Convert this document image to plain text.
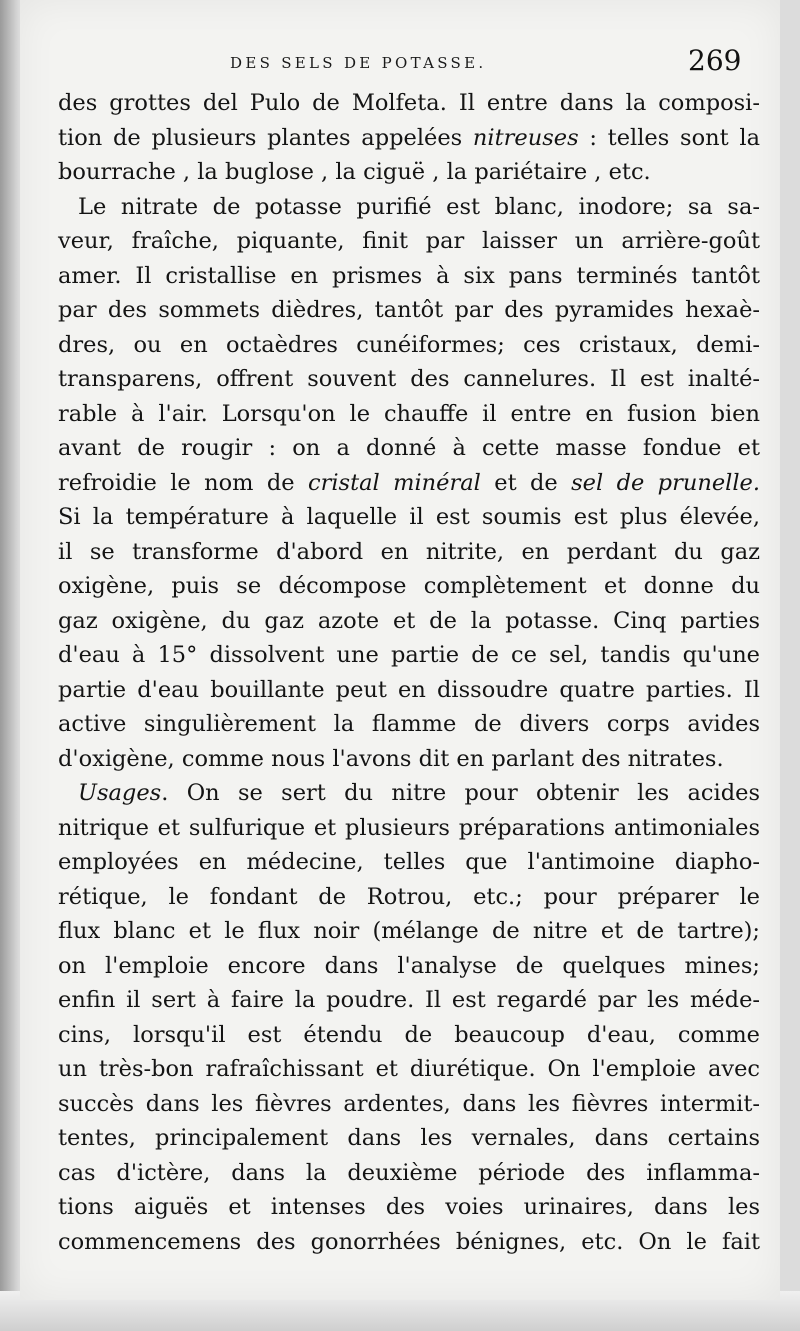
DES SELS DE POTASSE.	269
des grottes del Pulo de Molfeta. Il entre dans la composi-
tion de plusieurs plantes appelées nitreuses : telles sont la
bourrache , la buglose , la ciguë , la pariétaire , etc.
Le nitrate de potasse purifié est blanc, inodore; sa sa-
veur, fraîche, piquante, finit par laisser un arrière-goût
amer. Il cristallise en prismes à six pans terminés tantôt
par des sommets dièdres, tantôt par des pyramides hexaè-
dres, ou en octaèdres cunéiformes; ces cristaux, demi-
transparens, offrent souvent des cannelures. Il est inalté-
rable à l'air. Lorsqu'on le chauffe il entre en fusion bien
avant de rougir : on a donné à cette masse fondue et
refroidie le nom de cristal minéral et de sel de prunelle.
Si la température à laquelle il est soumis est plus élevée,
il se transforme d'abord en nitrite, en perdant du gaz
oxigène, puis se décompose complètement et donne du
gaz oxigène, du gaz azote et de la potasse. Cinq parties
d'eau à 15° dissolvent une partie de ce sel, tandis qu'une
partie d'eau bouillante peut en dissoudre quatre parties. Il
active singulièrement la flamme de divers corps avides
d'oxigène, comme nous l'avons dit en parlant des nitrates.
Usages. On se sert du nitre pour obtenir les acides
nitrique et sulfurique et plusieurs préparations antimoniales
employées en médecine, telles que l'antimoine diapho-
rétique, le fondant de Rotrou, etc.; pour préparer le
flux blanc et le flux noir (mélange de nitre et de tartre);
on l'emploie encore dans l'analyse de quelques mines;
enfin il sert à faire la poudre. Il est regardé par les méde-
cins, lorsqu'il est étendu de beaucoup d'eau, comme
un très-bon rafraîchissant et diurétique. On l'emploie avec
succès dans les fièvres ardentes, dans les fièvres intermit-
tentes, principalement dans les vernales, dans certains
cas d'ictère, dans la deuxième période des inflamma-
tions aiguës et intenses des voies urinaires, dans les
commencemens des gonorrhées bénignes, etc. On le fait
